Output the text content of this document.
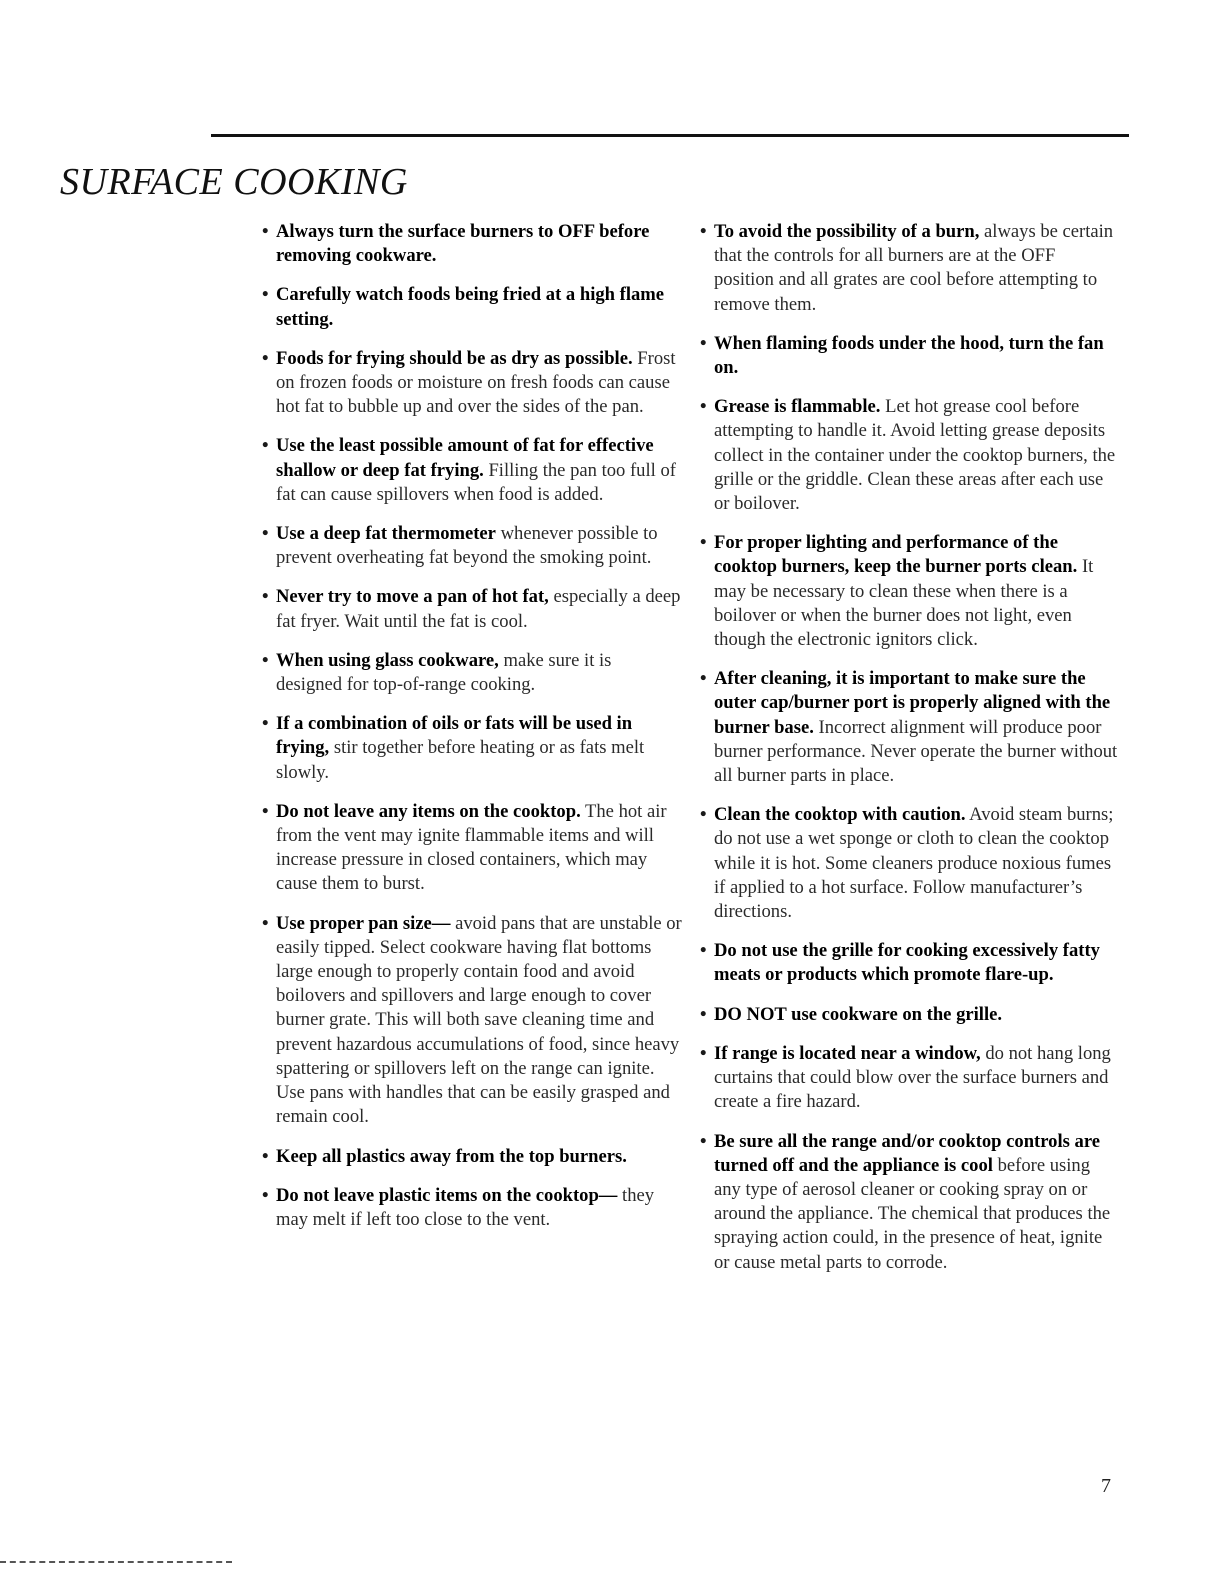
SURFACE COOKING

• Always turn the surface burners to OFF before removing cookware.

• Carefully watch foods being fried at a high flame setting.

• Foods for frying should be as dry as possible. Frost on frozen foods or moisture on fresh foods can cause hot fat to bubble up and over the sides of the pan.

• Use the least possible amount of fat for effective shallow or deep fat frying. Filling the pan too full of fat can cause spillovers when food is added.

• Use a deep fat thermometer whenever possible to prevent overheating fat beyond the smoking point.

• Never try to move a pan of hot fat, especially a deep fat fryer. Wait until the fat is cool.

• When using glass cookware, make sure it is designed for top-of-range cooking.

• If a combination of oils or fats will be used in frying, stir together before heating or as fats melt slowly.

• Do not leave any items on the cooktop. The hot air from the vent may ignite flammable items and will increase pressure in closed containers, which may cause them to burst.

• Use proper pan size— avoid pans that are unstable or easily tipped. Select cookware having flat bottoms large enough to properly contain food and avoid boilovers and spillovers and large enough to cover burner grate. This will both save cleaning time and prevent hazardous accumulations of food, since heavy spattering or spillovers left on the range can ignite. Use pans with handles that can be easily grasped and remain cool.

• Keep all plastics away from the top burners.

• Do not leave plastic items on the cooktop— they may melt if left too close to the vent.

• To avoid the possibility of a burn, always be certain that the controls for all burners are at the OFF position and all grates are cool before attempting to remove them.

• When flaming foods under the hood, turn the fan on.

• Grease is flammable. Let hot grease cool before attempting to handle it. Avoid letting grease deposits collect in the container under the cooktop burners, the grille or the griddle. Clean these areas after each use or boilover.

• For proper lighting and performance of the cooktop burners, keep the burner ports clean. It may be necessary to clean these when there is a boilover or when the burner does not light, even though the electronic ignitors click.

• After cleaning, it is important to make sure the outer cap/burner port is properly aligned with the burner base. Incorrect alignment will produce poor burner performance. Never operate the burner without all burner parts in place.

• Clean the cooktop with caution. Avoid steam burns; do not use a wet sponge or cloth to clean the cooktop while it is hot. Some cleaners produce noxious fumes if applied to a hot surface. Follow manufacturer’s directions.

• Do not use the grille for cooking excessively fatty meats or products which promote flare-up.

• DO NOT use cookware on the grille.

• If range is located near a window, do not hang long curtains that could blow over the surface burners and create a fire hazard.

• Be sure all the range and/or cooktop controls are turned off and the appliance is cool before using any type of aerosol cleaner or cooking spray on or around the appliance. The chemical that produces the spraying action could, in the presence of heat, ignite or cause metal parts to corrode.

7
